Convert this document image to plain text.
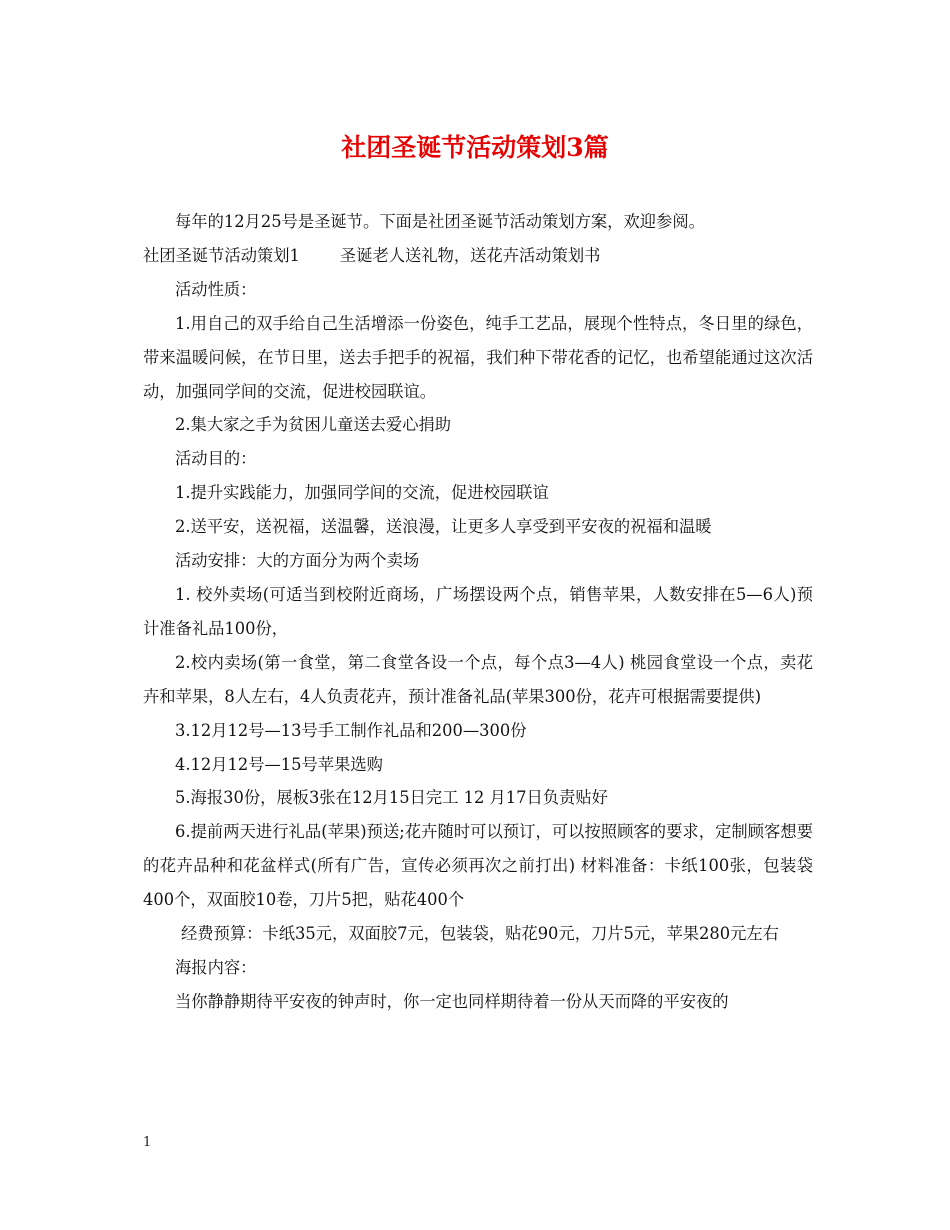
社团圣诞节活动策划3篇

每年的12月25号是圣诞节。下面是社团圣诞节活动策划方案，欢迎参阅。

社团圣诞节活动策划1 圣诞老人送礼物，送花卉活动策划书

活动性质：

1.用自己的双手给自己生活增添一份姿色，纯手工艺品，展现个性特点，冬日里的绿色，带来温暖问候，在节日里，送去手把手的祝福，我们种下带花香的记忆，也希望能通过这次活动，加强同学间的交流，促进校园联谊。

2.集大家之手为贫困儿童送去爱心捐助

活动目的：

1.提升实践能力，加强同学间的交流，促进校园联谊

2.送平安，送祝福，送温馨，送浪漫，让更多人享受到平安夜的祝福和温暖

活动安排：大的方面分为两个卖场

1. 校外卖场(可适当到校附近商场，广场摆设两个点，销售苹果，人数安排在5—6人)预计准备礼品100份，

2.校内卖场(第一食堂，第二食堂各设一个点，每个点3—4人) 桃园食堂设一个点，卖花卉和苹果，8人左右，4人负责花卉，预计准备礼品(苹果300份，花卉可根据需要提供)

3.12月12号—13号手工制作礼品和200—300份

4.12月12号—15号苹果选购

5.海报30份，展板3张在12月15日完工 12 月17日负责贴好

6.提前两天进行礼品(苹果)预送;花卉随时可以预订，可以按照顾客的要求，定制顾客想要的花卉品种和花盆样式(所有广告，宣传必须再次之前打出) 材料准备：卡纸100张，包装袋400个，双面胶10卷，刀片5把，贴花400个

经费预算：卡纸35元，双面胶7元，包装袋，贴花90元，刀片5元，苹果280元左右

海报内容：

当你静静期待平安夜的钟声时，你一定也同样期待着一份从天而降的平安夜的

1
